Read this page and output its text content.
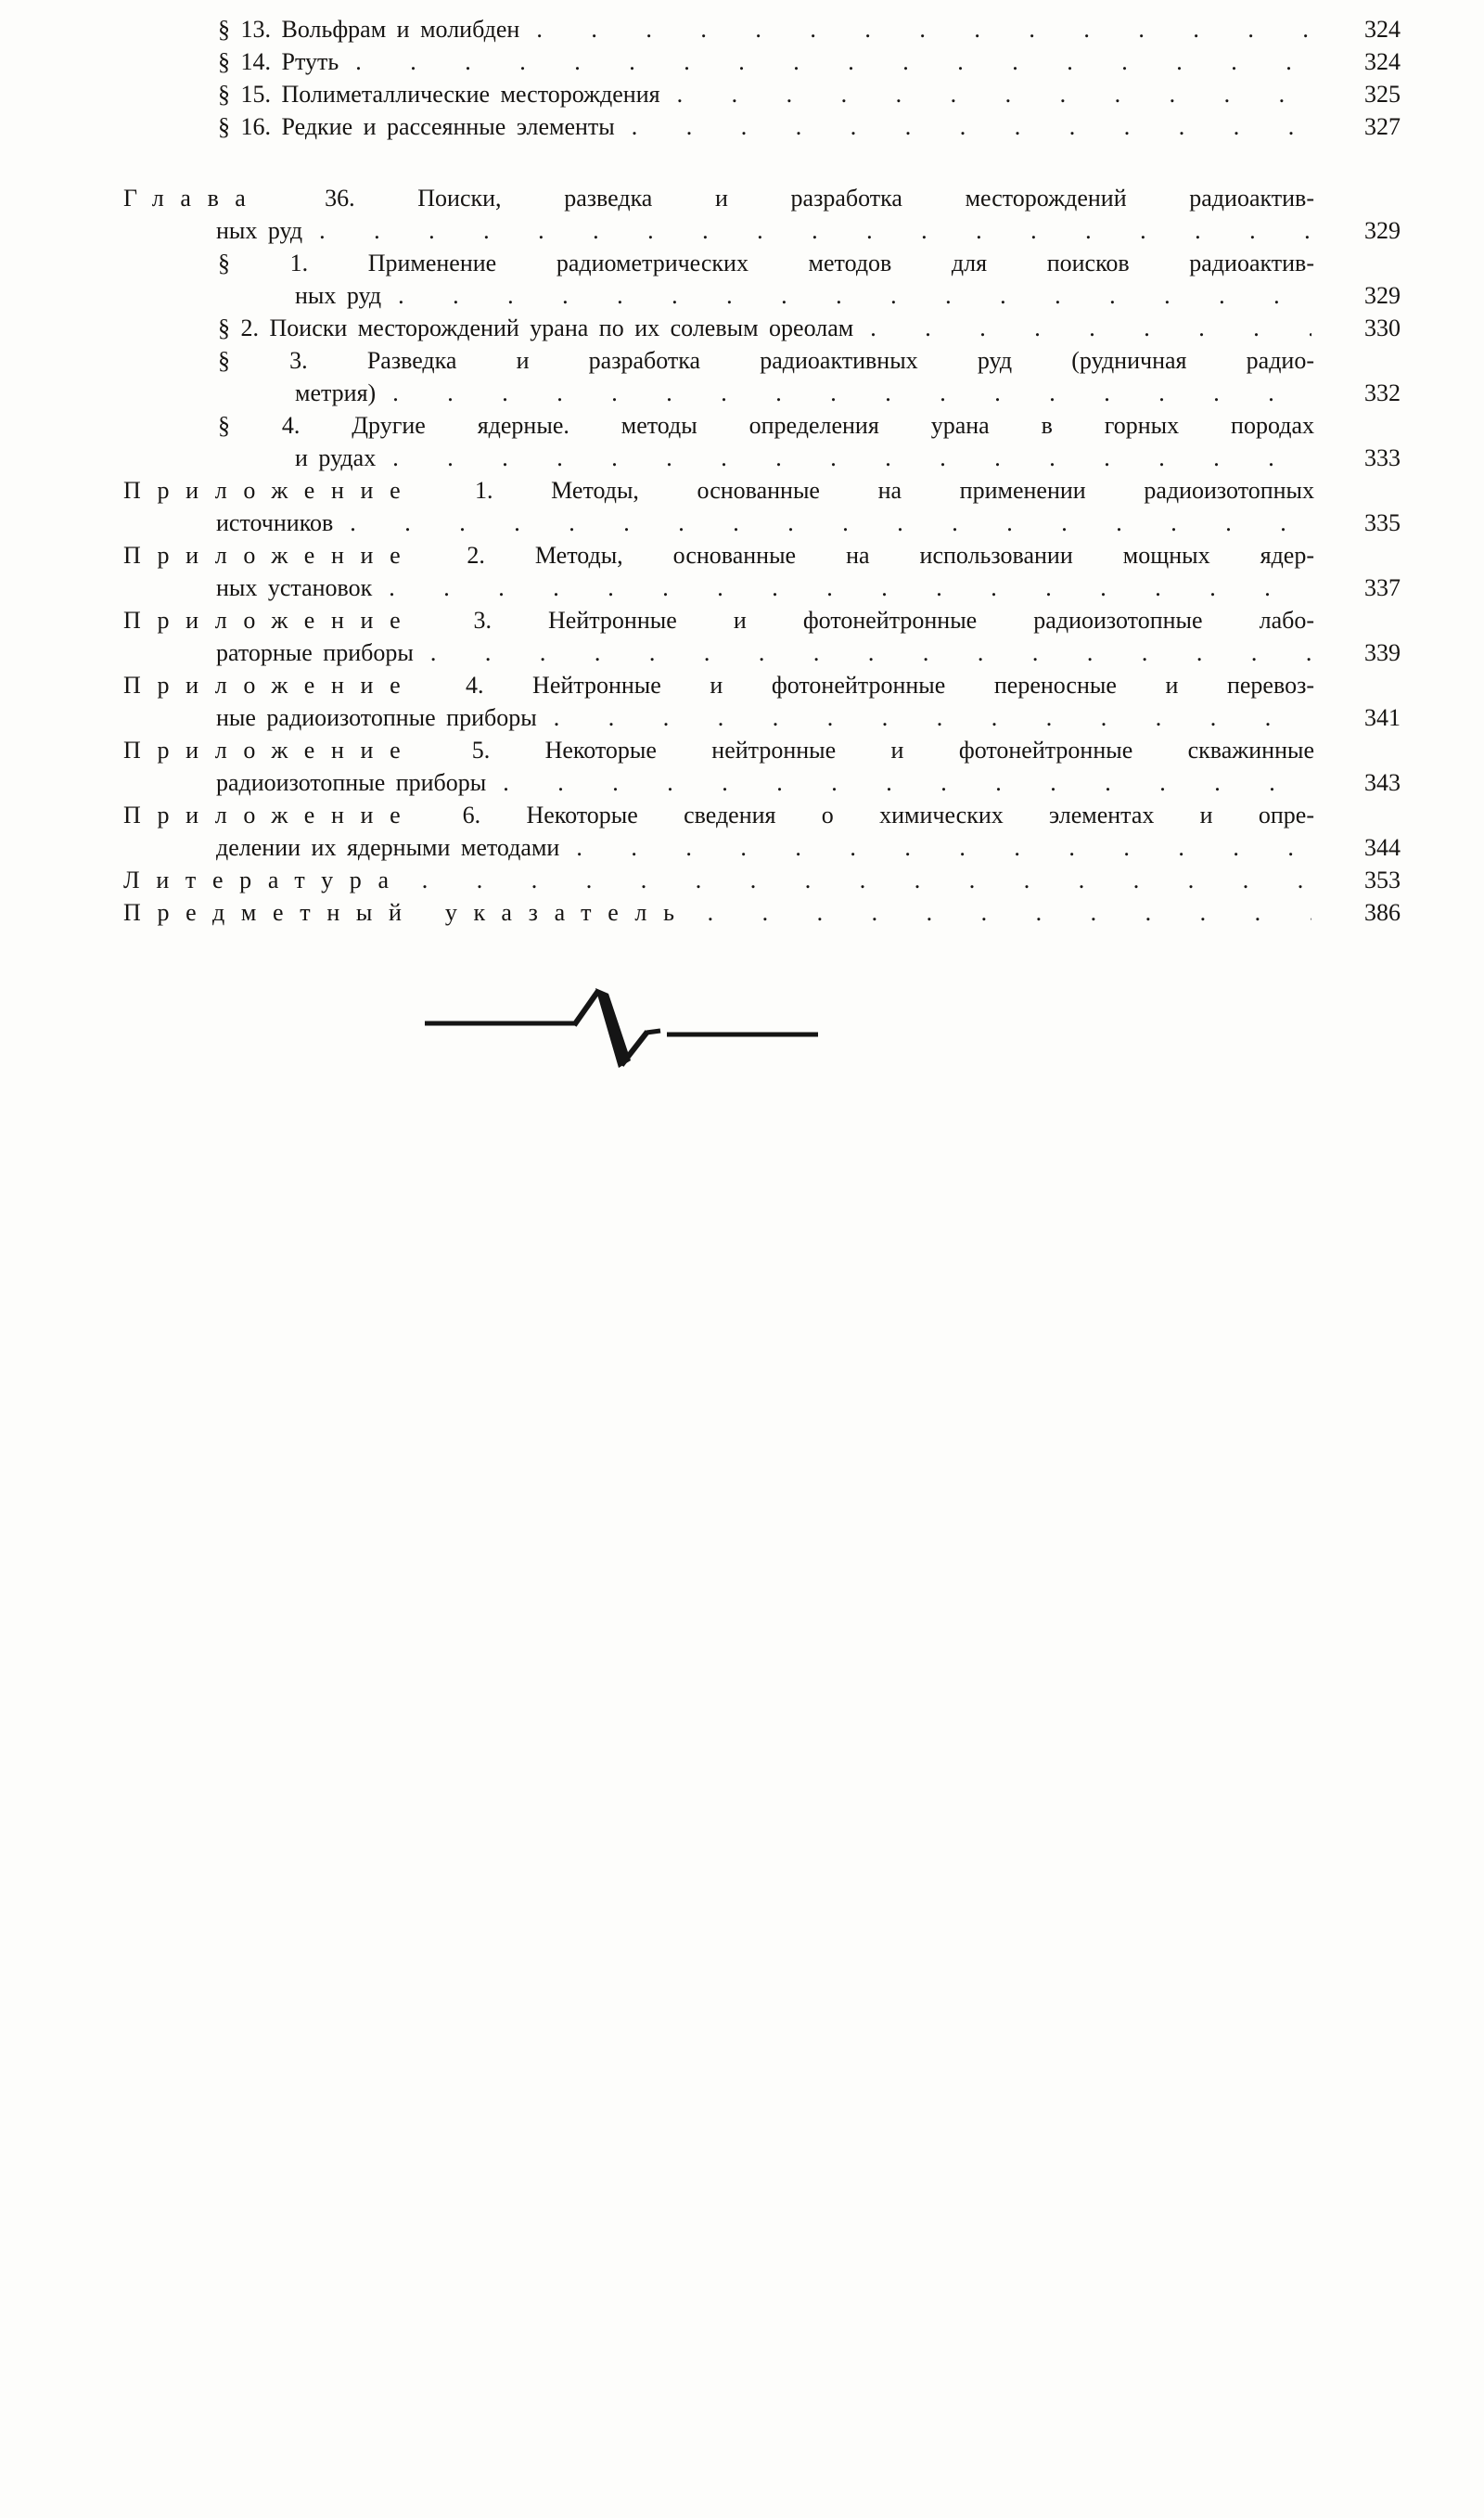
§ 13. Вольфрам и молибден . . .	324
§ 14. Ртуть . . .	324
§ 15. Полиметаллические месторождения . . .	325
§ 16. Редкие и рассеянные элементы . . .	327
Глава	36. Поиски, разведка и разработка месторождений радиоактив-
ных руд . . .	329
§ 1. Применение радиометрических методов для поисков радиоактив-
ных руд . . .	329
§ 2. Поиски месторождений урана по их солевым ореолам . . .	330
§ 3. Разведка и разработка радиоактивных руд (рудничная радио-
метрия) . . .	332
§ 4. Другие ядерные. методы определения урана в горных породах
и рудах . . .	333
Приложение 1. Методы, основанные на применении радиоизотопных
источников . . .	335
Приложение 2. Методы, основанные на использовании мощных ядер-
ных установок . . .	337
Приложение 3. Нейтронные и фотонейтронные радиоизотопные лабо-
раторные приборы . . .	339
Приложение 4. Нейтронные и фотонейтронные переносные и перевоз-
ные радиоизотопные приборы . . .	341
Приложение 5. Некоторые нейтронные и фотонейтронные скважинные
радиоизотопные приборы . . .	343
Приложение 6. Некоторые сведения о химических элементах и опре-
делении их ядерными методами . . .	344
Литература . . .	353
Предметный указатель . . .	386
